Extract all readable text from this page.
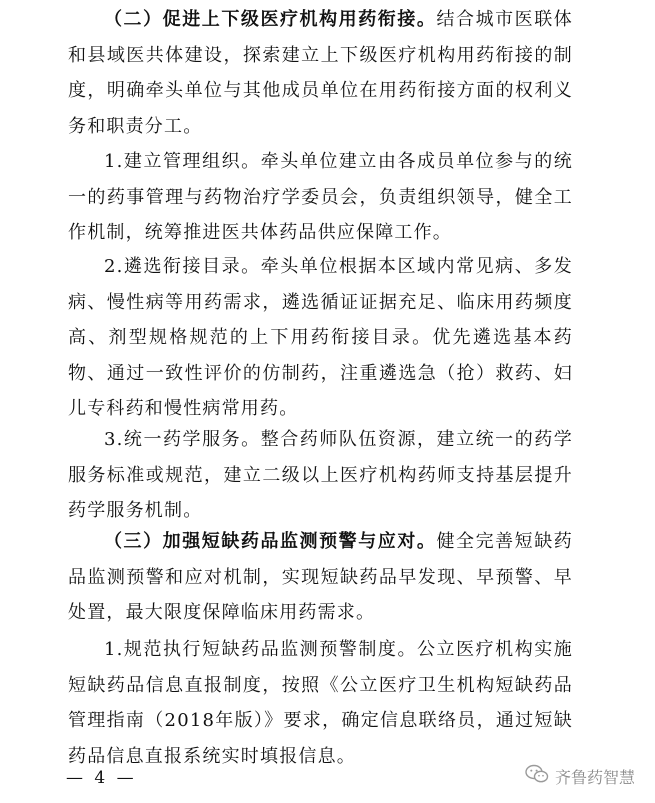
（二）促进上下级医疗机构用药衔接。结合城市医联体和县域医共体建设，探索建立上下级医疗机构用药衔接的制度，明确牵头单位与其他成员单位在用药衔接方面的权利义务和职责分工。

1.建立管理组织。牵头单位建立由各成员单位参与的统一的药事管理与药物治疗学委员会，负责组织领导，健全工作机制，统筹推进医共体药品供应保障工作。

2.遴选衔接目录。牵头单位根据本区域内常见病、多发病、慢性病等用药需求，遴选循证证据充足、临床用药频度高、剂型规格规范的上下用药衔接目录。优先遴选基本药物、通过一致性评价的仿制药，注重遴选急（抢）救药、妇儿专科药和慢性病常用药。

3.统一药学服务。整合药师队伍资源，建立统一的药学服务标准或规范，建立二级以上医疗机构药师支持基层提升药学服务机制。

（三）加强短缺药品监测预警与应对。健全完善短缺药品监测预警和应对机制，实现短缺药品早发现、早预警、早处置，最大限度保障临床用药需求。

1.规范执行短缺药品监测预警制度。公立医疗机构实施短缺药品信息直报制度，按照《公立医疗卫生机构短缺药品管理指南（2018年版）》要求，确定信息联络员，通过短缺药品信息直报系统实时填报信息。

— 4 —	齐鲁药智慧
